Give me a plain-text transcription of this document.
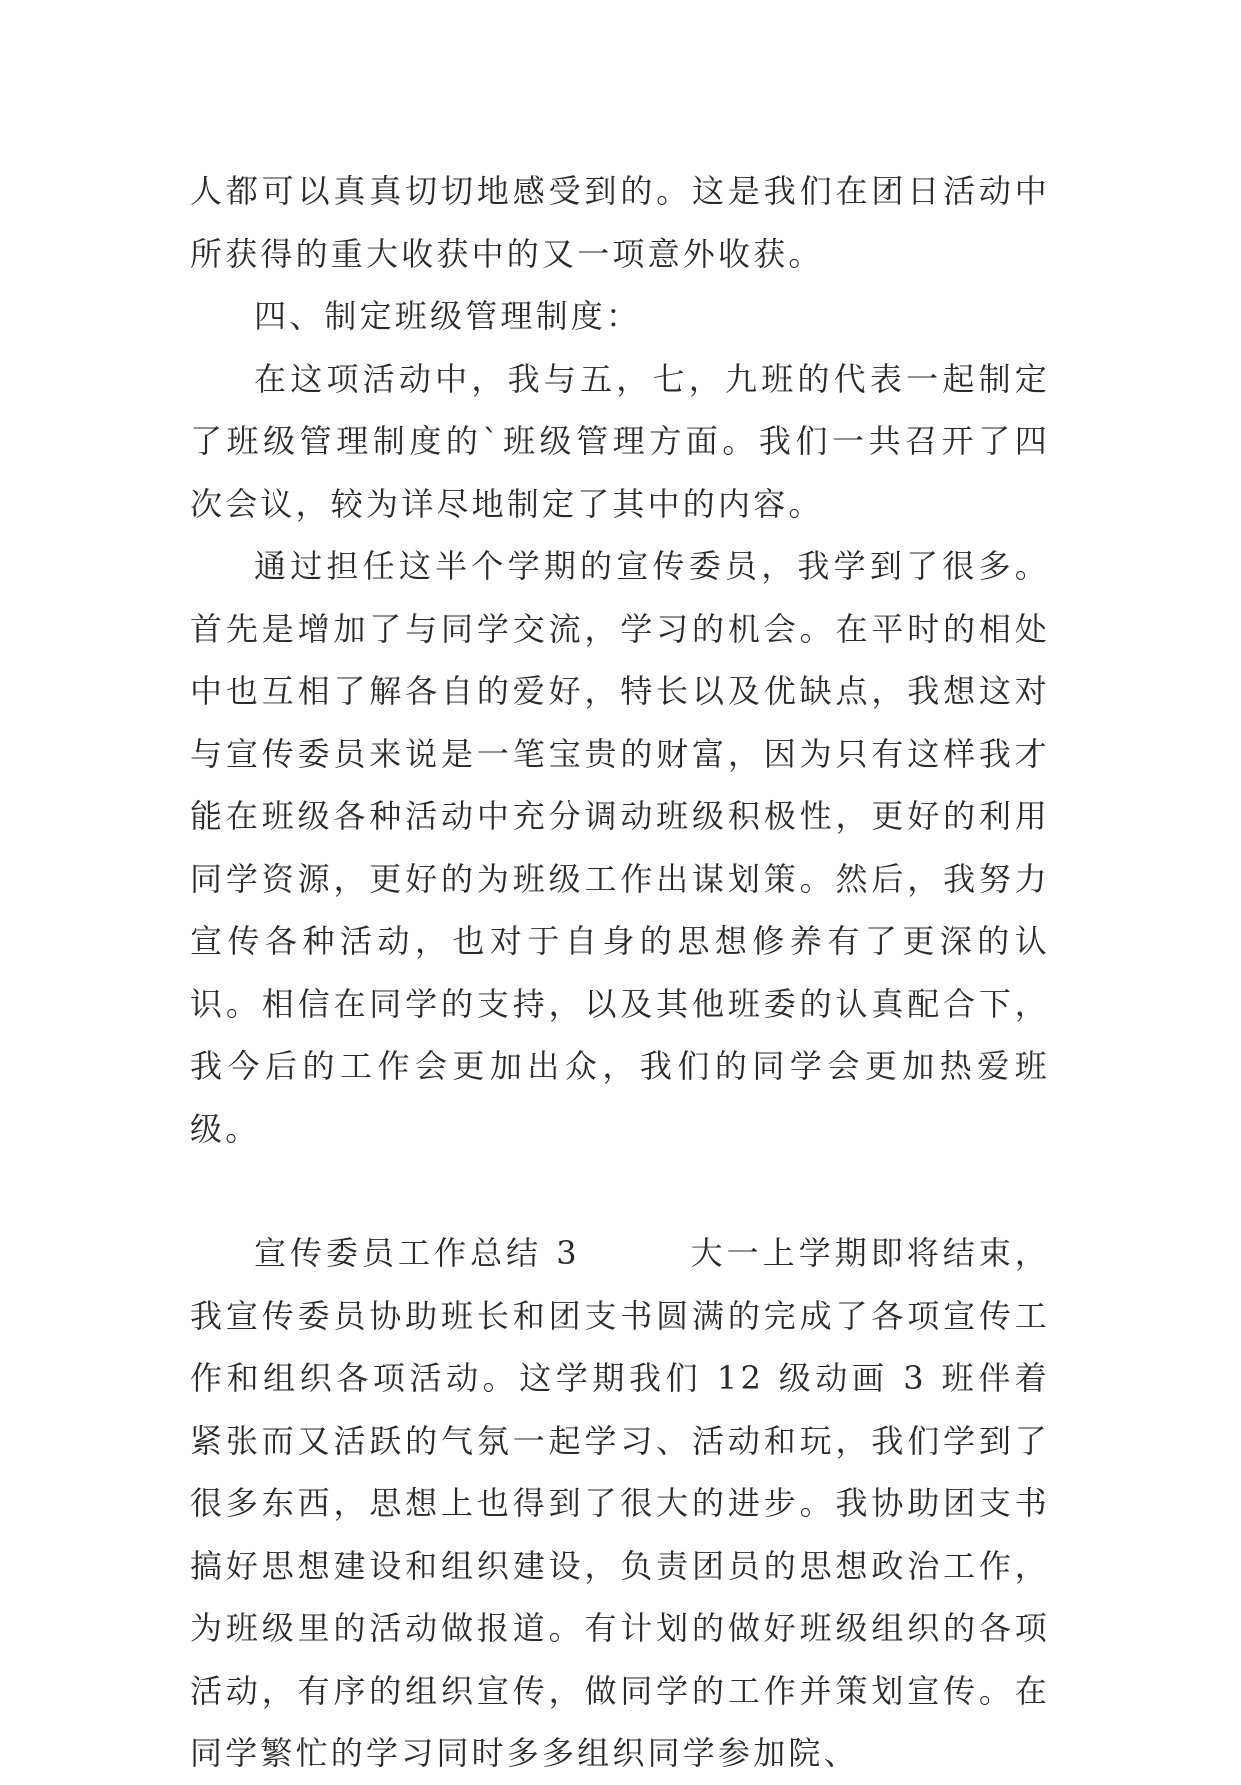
人都可以真真切切地感受到的。这是我们在团日活动中所获得的重大收获中的又一项意外收获。

四、制定班级管理制度：

在这项活动中，我与五，七，九班的代表一起制定了班级管理制度的`班级管理方面。我们一共召开了四次会议，较为详尽地制定了其中的内容。

通过担任这半个学期的宣传委员，我学到了很多。首先是增加了与同学交流，学习的机会。在平时的相处中也互相了解各自的爱好，特长以及优缺点，我想这对与宣传委员来说是一笔宝贵的财富，因为只有这样我才能在班级各种活动中充分调动班级积极性，更好的利用同学资源，更好的为班级工作出谋划策。然后，我努力宣传各种活动，也对于自身的思想修养有了更深的认识。相信在同学的支持，以及其他班委的认真配合下，我今后的工作会更加出众，我们的同学会更加热爱班级。

宣传委员工作总结 3	大一上学期即将结束，我宣传委员协助班长和团支书圆满的完成了各项宣传工作和组织各项活动。这学期我们 12 级动画 3 班伴着紧张而又活跃的气氛一起学习、活动和玩，我们学到了很多东西，思想上也得到了很大的进步。我协助团支书搞好思想建设和组织建设，负责团员的思想政治工作，为班级里的活动做报道。有计划的做好班级组织的各项活动，有序的组织宣传，做同学的工作并策划宣传。在同学繁忙的学习同时多多组织同学参加院、
